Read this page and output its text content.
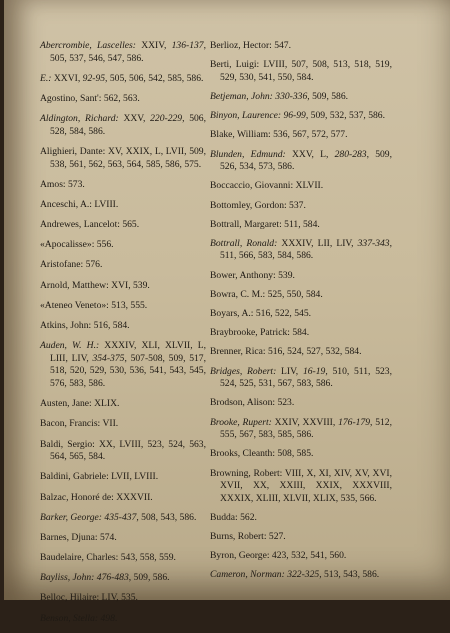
Abercrombie, Lascelles: XXIV, 136-137, 505, 537, 546, 547, 586.
E.: XXVI, 92-95, 505, 506, 542, 585, 586.
Agostino, Sant': 562, 563.
Aldington, Richard: XXV, 220-229, 506, 528, 584, 586.
Alighieri, Dante: XV, XXIX, L, LVII, 509, 538, 561, 562, 563, 564, 585, 586, 575.
Amos: 573.
Anceschi, A.: LVIII.
Andrewes, Lancelot: 565.
«Apocalisse»: 556.
Aristofane: 576.
Arnold, Matthew: XVI, 539.
«Ateneo Veneto»: 513, 555.
Atkins, John: 516, 584.
Auden, W. H.: XXXIV, XLI, XLVII, L, LIII, LIV, 354-375, 507-508, 509, 517, 518, 520, 529, 530, 536, 541, 543, 545, 576, 583, 586.
Austen, Jane: XLIX.
Bacon, Francis: VII.
Baldi, Sergio: XX, LVIII, 523, 524, 563, 564, 565, 584.
Baldini, Gabriele: LVII, LVIII.
Balzac, Honoré de: XXXVII.
Barker, George: 435-437, 508, 543, 586.
Barnes, Djuna: 574.
Baudelaire, Charles: 543, 558, 559.
Bayliss, John: 476-483, 509, 586.
Belloc, Hilaire: LIV, 535.
Benson, Stella: 498.
Berlioz, Hector: 547.
Berti, Luigi: LVIII, 507, 508, 513, 518, 519, 529, 530, 541, 550, 584.
Betjeman, John: 330-336, 509, 586.
Binyon, Laurence: 96-99, 509, 532, 537, 586.
Blake, William: 536, 567, 572, 577.
Blunden, Edmund: XXV, L, 280-283, 509, 526, 534, 573, 586.
Boccaccio, Giovanni: XLVII.
Bottomley, Gordon: 537.
Bottrall, Margaret: 511, 584.
Bottrall, Ronald: XXXIV, LII, LIV, 337-343, 511, 566, 583, 584, 586.
Bower, Anthony: 539.
Bowra, C. M.: 525, 550, 584.
Boyars, A.: 516, 522, 545.
Braybrooke, Patrick: 584.
Brenner, Rica: 516, 524, 527, 532, 584.
Bridges, Robert: LIV, 16-19, 510, 511, 523, 524, 525, 531, 567, 583, 586.
Brodson, Alison: 523.
Brooke, Rupert: XXIV, XXVIII, 176-179, 512, 555, 567, 583, 585, 586.
Brooks, Cleanth: 508, 585.
Browning, Robert: VIII, X, XI, XIV, XV, XVI, XVII, XX, XXIII, XXIX, XXXVIII, XXXIX, XLIII, XLVII, XLIX, 535, 566.
Budda: 562.
Burns, Robert: 527.
Byron, George: 423, 532, 541, 560.
Cameron, Norman: 322-325, 513, 543, 586.
